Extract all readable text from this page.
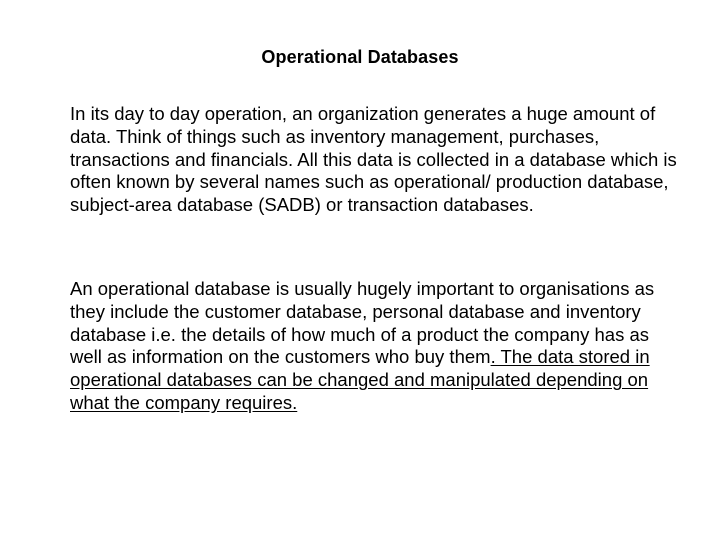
Operational Databases

In its day to day operation, an organization generates a huge amount of data. Think of things such as inventory management, purchases, transactions and financials. All this data is collected in a database which is often known by several names such as operational/ production database, subject-area database (SADB) or transaction databases.

An operational database is usually hugely important to organisations as they include the customer database, personal database and inventory database i.e. the details of how much of a product the company has as well as information on the customers who buy them. The data stored in operational databases can be changed and manipulated depending on what the company requires.
